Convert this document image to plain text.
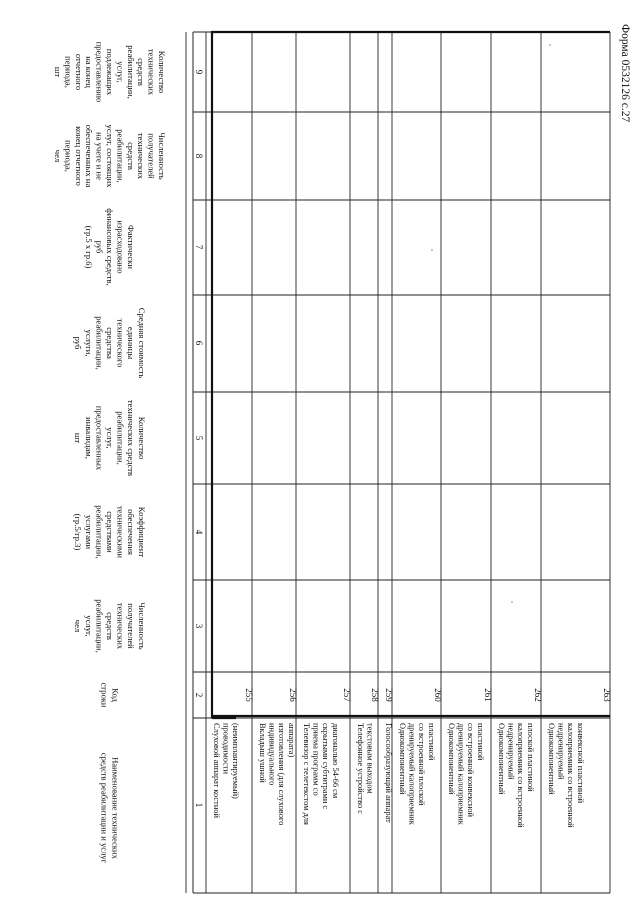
Форма 0532126 с.27
Наименование технических
средств реабилитации и услуг
Код
строки
Численность
получателей
технических
средств
реабилитации,
услуг,
чел
Коэффициент
обеспечения
техническими
средствами
реабилитации,
услугами
(гр.5/гр.3)
Количество
технических средств
реабилитации,
услуг,
предоставленных
инвалидам,
шт
Средняя стоимость
единицы
технического
средства
реабилитации,
услуги,
руб
Фактически
израсходовано
финансовых средств,
руб
(гр.5 х гр.6)
Численность
получателей
технических
средств
реабилитации,
услуг, состоящих
на учете и не
обеспеченных на
конец отчетного
периода,
чел
Количество
технических
средств
реабилитации,
услуг,
подлежащих
предоставлению
на конец
отчетного
периода,
шт
1
2
3
4
5
6
7
8
9
Слуховой аппарат костной проводимости (неимплантируемый)
255
Вкладыш ушной индивидуального изготовления (для слухового аппарата)
256
Телевизор с телетекстом для приема программ со скрытыми субтитрами с диагональю 54-66 см
257
Телефонное устройство с текстовым выходом
258
Голосообразующий аппарат
259
Однокомпонентный дренируемый калоприемник со встроенной плоской пластиной
260
Однокомпонентный дренируемый калоприемник со встроенной конвексной пластиной
261
Однокомпонентный недренируемый калоприемник со встроенной плоской пластиной
262
Однокомпонентный недренируемый калоприемник со встроенной конвексной пластиной
263
